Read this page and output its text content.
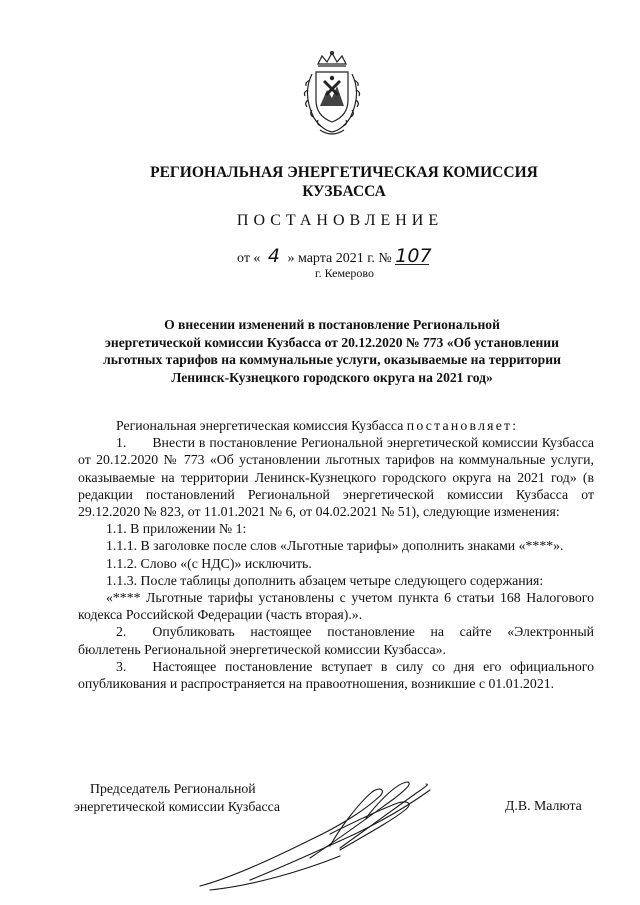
РЕГИОНАЛЬНАЯ ЭНЕРГЕТИЧЕСКАЯ КОМИССИЯ
КУЗБАССА
ПОСТАНОВЛЕНИЕ
от « 4 » марта 2021 г. № 107
г. Кемерово
О внесении изменений в постановление Региональной
энергетической комиссии Кузбасса от 20.12.2020 № 773 «Об установлении
льготных тарифов на коммунальные услуги, оказываемые на территории
Ленинск-Кузнецкого городского округа на 2021 год»

Региональная энергетическая комиссия Кузбасса постановляет:

1. Внести в постановление Региональной энергетической комиссии Кузбасса от 20.12.2020 № 773 «Об установлении льготных тарифов на коммунальные услуги, оказываемые на территории Ленинск-Кузнецкого городского округа на 2021 год» (в редакции постановлений Региональной энергетической комиссии Кузбасса от 29.12.2020 № 823, от 11.01.2021 № 6, от 04.02.2021 № 51), следующие изменения:

1.1. В приложении № 1:

1.1.1. В заголовке после слов «Льготные тарифы» дополнить знаками «****».

1.1.2. Слово «(с НДС)» исключить.

1.1.3. После таблицы дополнить абзацем четыре следующего содержания:

«**** Льготные тарифы установлены с учетом пункта 6 статьи 168 Налогового кодекса Российской Федерации (часть вторая).».

2. Опубликовать настоящее постановление на сайте «Электронный бюллетень Региональной энергетической комиссии Кузбасса».

3. Настоящее постановление вступает в силу со дня его официального опубликования и распространяется на правоотношения, возникшие с 01.01.2021.

Председатель Региональной
энергетической комиссии Кузбасса	Д.В. Малюта
